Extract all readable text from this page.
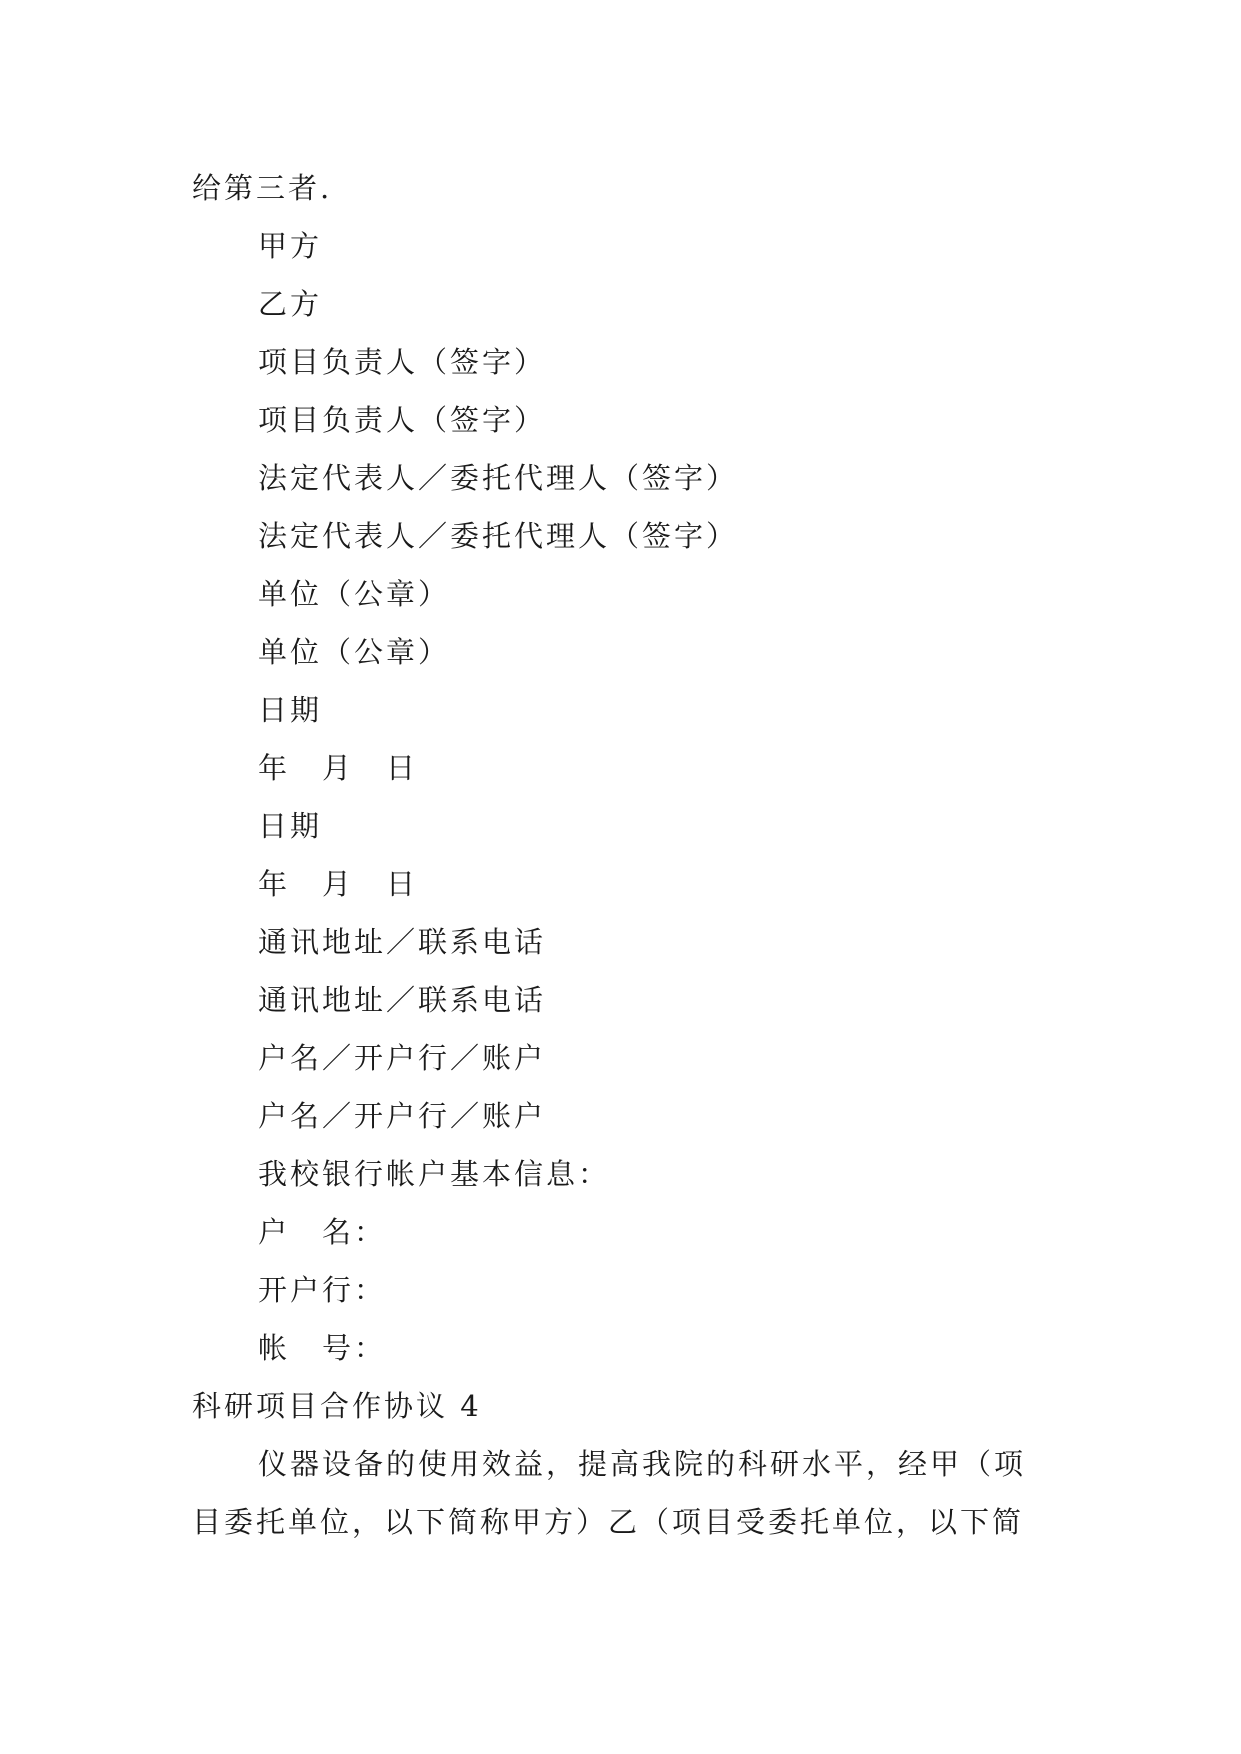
给第三者.
甲方
乙方
项目负责人（签字）
项目负责人（签字）
法定代表人／委托代理人（签字）
法定代表人／委托代理人（签字）
单位（公章）
单位（公章）
日期
年　月　日
日期
年　月　日
通讯地址／联系电话
通讯地址／联系电话
户名／开户行／账户
户名／开户行／账户
我校银行帐户基本信息：
户　名：
开户行：
帐　号：
科研项目合作协议 4
仪器设备的使用效益，提高我院的科研水平，经甲（项
目委托单位，以下简称甲方）乙（项目受委托单位，以下简
